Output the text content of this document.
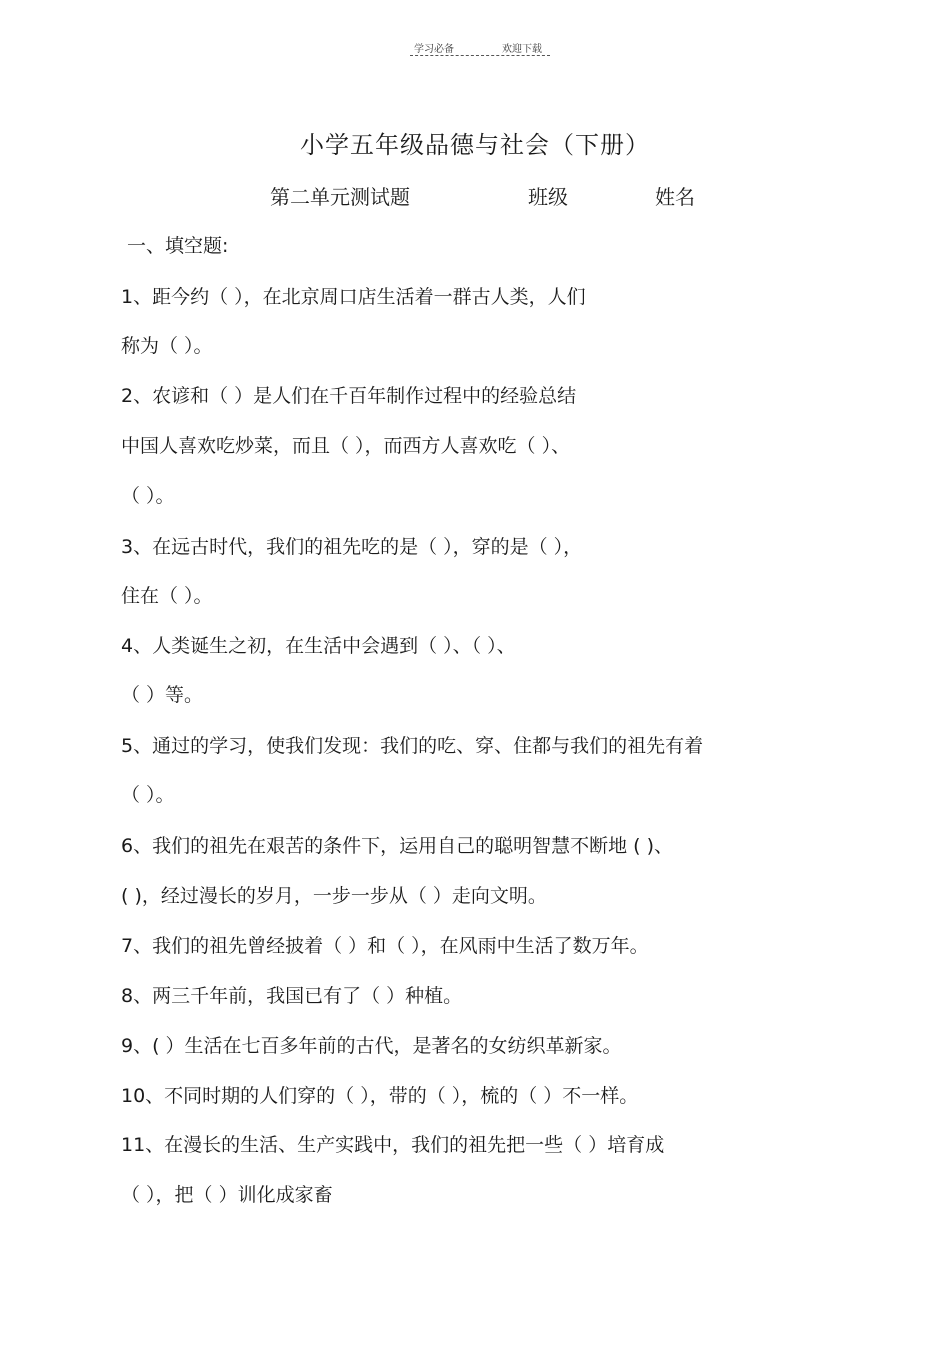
学习必备	欢迎下载
小学五年级品德与社会（下册）
第二单元测试题	班级	姓名
一、填空题:
1、距今约（ ），在北京周口店生活着一群古人类，人们
称为（ ）。
2、农谚和（ ）是人们在千百年制作过程中的经验总结
中国人喜欢吃炒菜，而且（ ），而西方人喜欢吃（ ）、
（ ）。
3、在远古时代，我们的祖先吃的是（ ），穿的是（ ），
住在（ ）。
4、人类诞生之初，在生活中会遇到（ ）、（ ）、
（ ）等。
5、通过的学习，使我们发现：我们的吃、穿、住都与我们的祖先有着
（ ）。
6、我们的祖先在艰苦的条件下，运用自己的聪明智慧不断地 ( )、
( )，经过漫长的岁月，一步一步从（ ）走向文明。
7、我们的祖先曾经披着（ ）和（ ），在风雨中生活了数万年。
8、两三千年前，我国已有了（ ）种植。
9、( ）生活在七百多年前的古代，是著名的女纺织革新家。
10、不同时期的人们穿的（ ），带的（ ），梳的（ ）不一样。
11、在漫长的生活、生产实践中，我们的祖先把一些（ ）培育成
（ ），把（ ）训化成家畜
